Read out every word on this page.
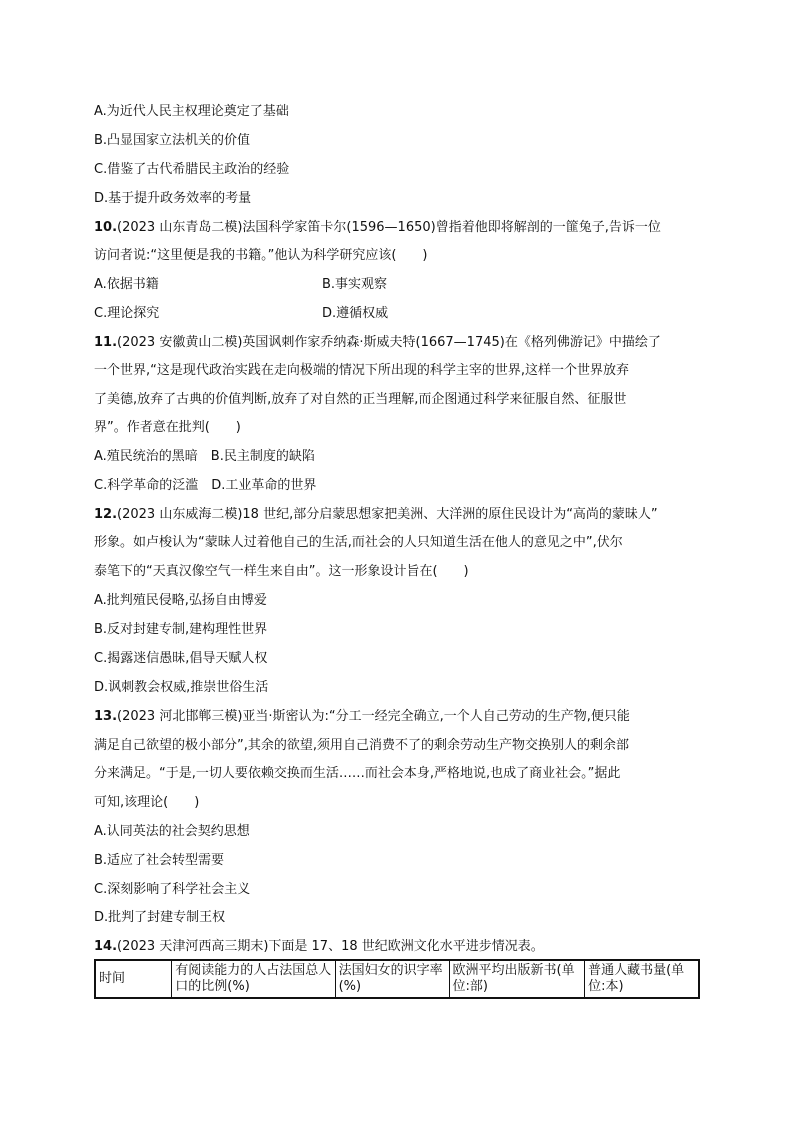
A.为近代人民主权理论奠定了基础
B.凸显国家立法机关的价值
C.借鉴了古代希腊民主政治的经验
D.基于提升政务效率的考量
10.(2023 山东青岛二模)法国科学家笛卡尔(1596—1650)曾指着他即将解剖的一篚兔子,告诉一位
访问者说:“这里便是我的书籍。”他认为科学研究应该(　　)
A.依据书籍	B.事实观察
C.理论探究	D.遵循权威
11.(2023 安徽黄山二模)英国讽刺作家乔纳森·斯威夫特(1667—1745)在《格列佛游记》中描绘了
一个世界,“这是现代政治实践在走向极端的情况下所出现的科学主宰的世界,这样一个世界放弃
了美德,放弃了古典的价值判断,放弃了对自然的正当理解,而企图通过科学来征服自然、征服世
界”。作者意在批判(　　)
A.殖民统治的黑暗　B.民主制度的缺陷
C.科学革命的泛滥　D.工业革命的世界
12.(2023 山东威海二模)18 世纪,部分启蒙思想家把美洲、大洋洲的原住民设计为“高尚的蒙昧人”
形象。如卢梭认为“蒙昧人过着他自己的生活,而社会的人只知道生活在他人的意见之中”,伏尔
泰笔下的“天真汉像空气一样生来自由”。这一形象设计旨在(　　)
A.批判殖民侵略,弘扬自由博爱
B.反对封建专制,建构理性世界
C.揭露迷信愚昧,倡导天赋人权
D.讽刺教会权威,推崇世俗生活
13.(2023 河北邯郸三模)亚当·斯密认为:“分工一经完全确立,一个人自己劳动的生产物,便只能
满足自己欲望的极小部分”,其余的欲望,须用自己消费不了的剩余劳动生产物交换别人的剩余部
分来满足。“于是,一切人要依赖交换而生活……而社会本身,严格地说,也成了商业社会。”据此
可知,该理论(　　)
A.认同英法的社会契约思想
B.适应了社会转型需要
C.深刻影响了科学社会主义
D.批判了封建专制王权
14.(2023 天津河西高三期末)下面是 17、18 世纪欧洲文化水平进步情况表。
时间	有阅读能力的人占法国总人口的比例(%)	法国妇女的识字率(%)	欧洲平均出版新书(单位:部)	普通人藏书量(单位:本)
